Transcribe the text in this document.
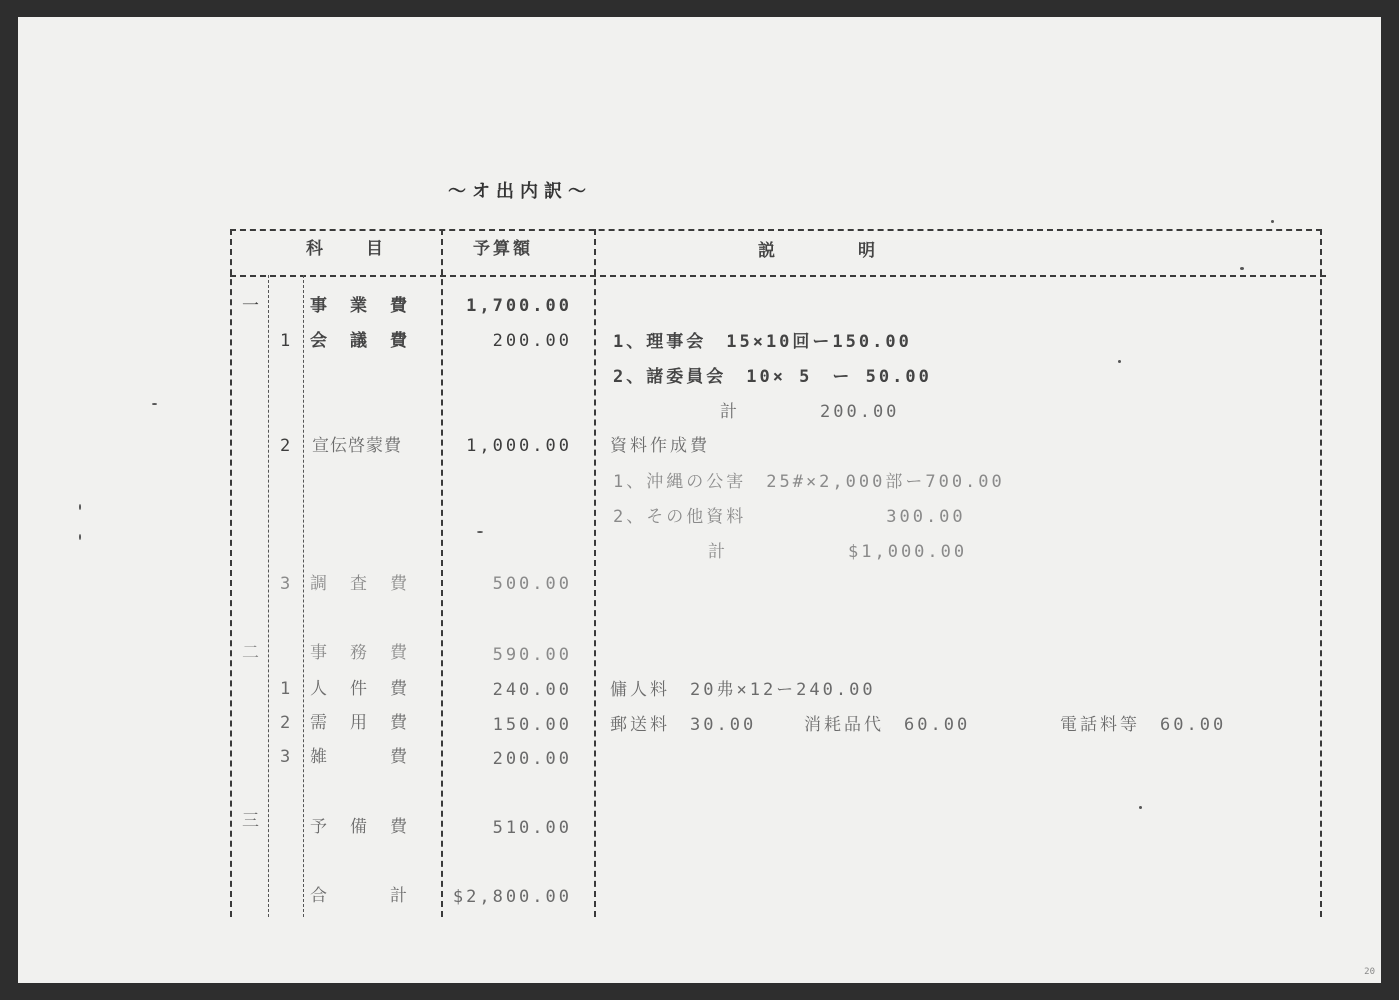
〜オ出内訳〜
科　　目	予算額	説　　　　明
一	事　業　費	1,700.00
1 会　議　費	200.00 1、理事会　15×10回ー150.00
2、諸委員会　10× 5　ー 50.00
計　　　　200.00
2 宣伝啓蒙費	1,000.00 資料作成費
1、沖縄の公害　25#×2,000部ー700.00
2、その他資料　　　　　　　300.00
計　　　　　　$1,000.00
3 調　査　費	500.00
二	事　務　費	590.00
1 人　件　費	240.00 傭人料　20弗×12ー240.00
2 需　用　費	150.00 郵送料　30.00	消耗品代　60.00	電話料等　60.00
3 雑　　　費	200.00
三	予　備　費	510.00
合　　　計	$2,800.00
20
